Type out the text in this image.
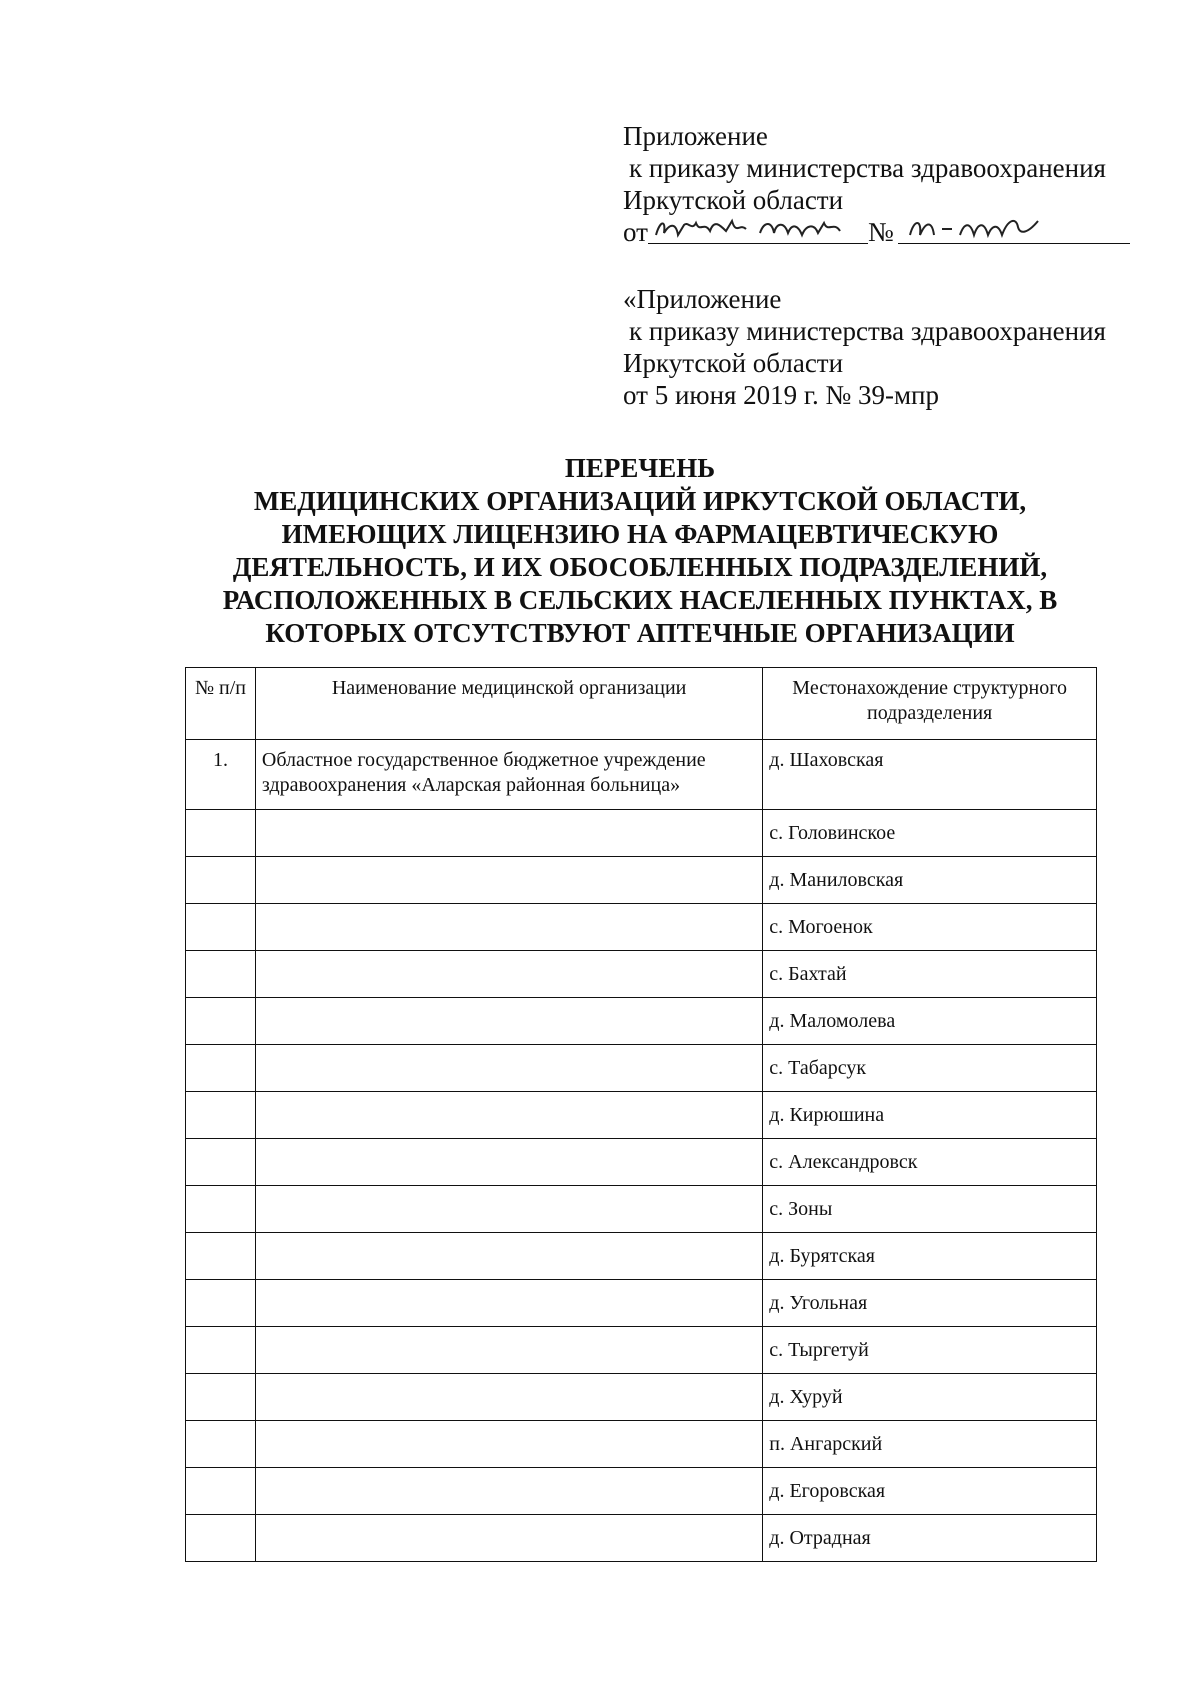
Приложение
к приказу министерства здравоохранения
Иркутской области
от	№
«Приложение
к приказу министерства здравоохранения
Иркутской области
от 5 июня 2019 г. № 39-мпр
ПЕРЕЧЕНЬ
МЕДИЦИНСКИХ ОРГАНИЗАЦИЙ ИРКУТСКОЙ ОБЛАСТИ,
ИМЕЮЩИХ ЛИЦЕНЗИЮ НА ФАРМАЦЕВТИЧЕСКУЮ
ДЕЯТЕЛЬНОСТЬ, И ИХ ОБОСОБЛЕННЫХ ПОДРАЗДЕЛЕНИЙ,
РАСПОЛОЖЕННЫХ В СЕЛЬСКИХ НАСЕЛЕННЫХ ПУНКТАХ, В
КОТОРЫХ ОТСУТСТВУЮТ АПТЕЧНЫЕ ОРГАНИЗАЦИИ
№ п/п	Наименование медицинской организации	Местонахождение структурного подразделения
1.	Областное государственное бюджетное учреждение здравоохранения «Аларская районная больница»	д. Шаховская
		с. Головинское
		д. Маниловская
		с. Могоенок
		с. Бахтай
		д. Маломолева
		с. Табарсук
		д. Кирюшина
		с. Александровск
		с. Зоны
		д. Бурятская
		д. Угольная
		с. Тыргетуй
		д. Хуруй
		п. Ангарский
		д. Егоровская
		д. Отрадная
